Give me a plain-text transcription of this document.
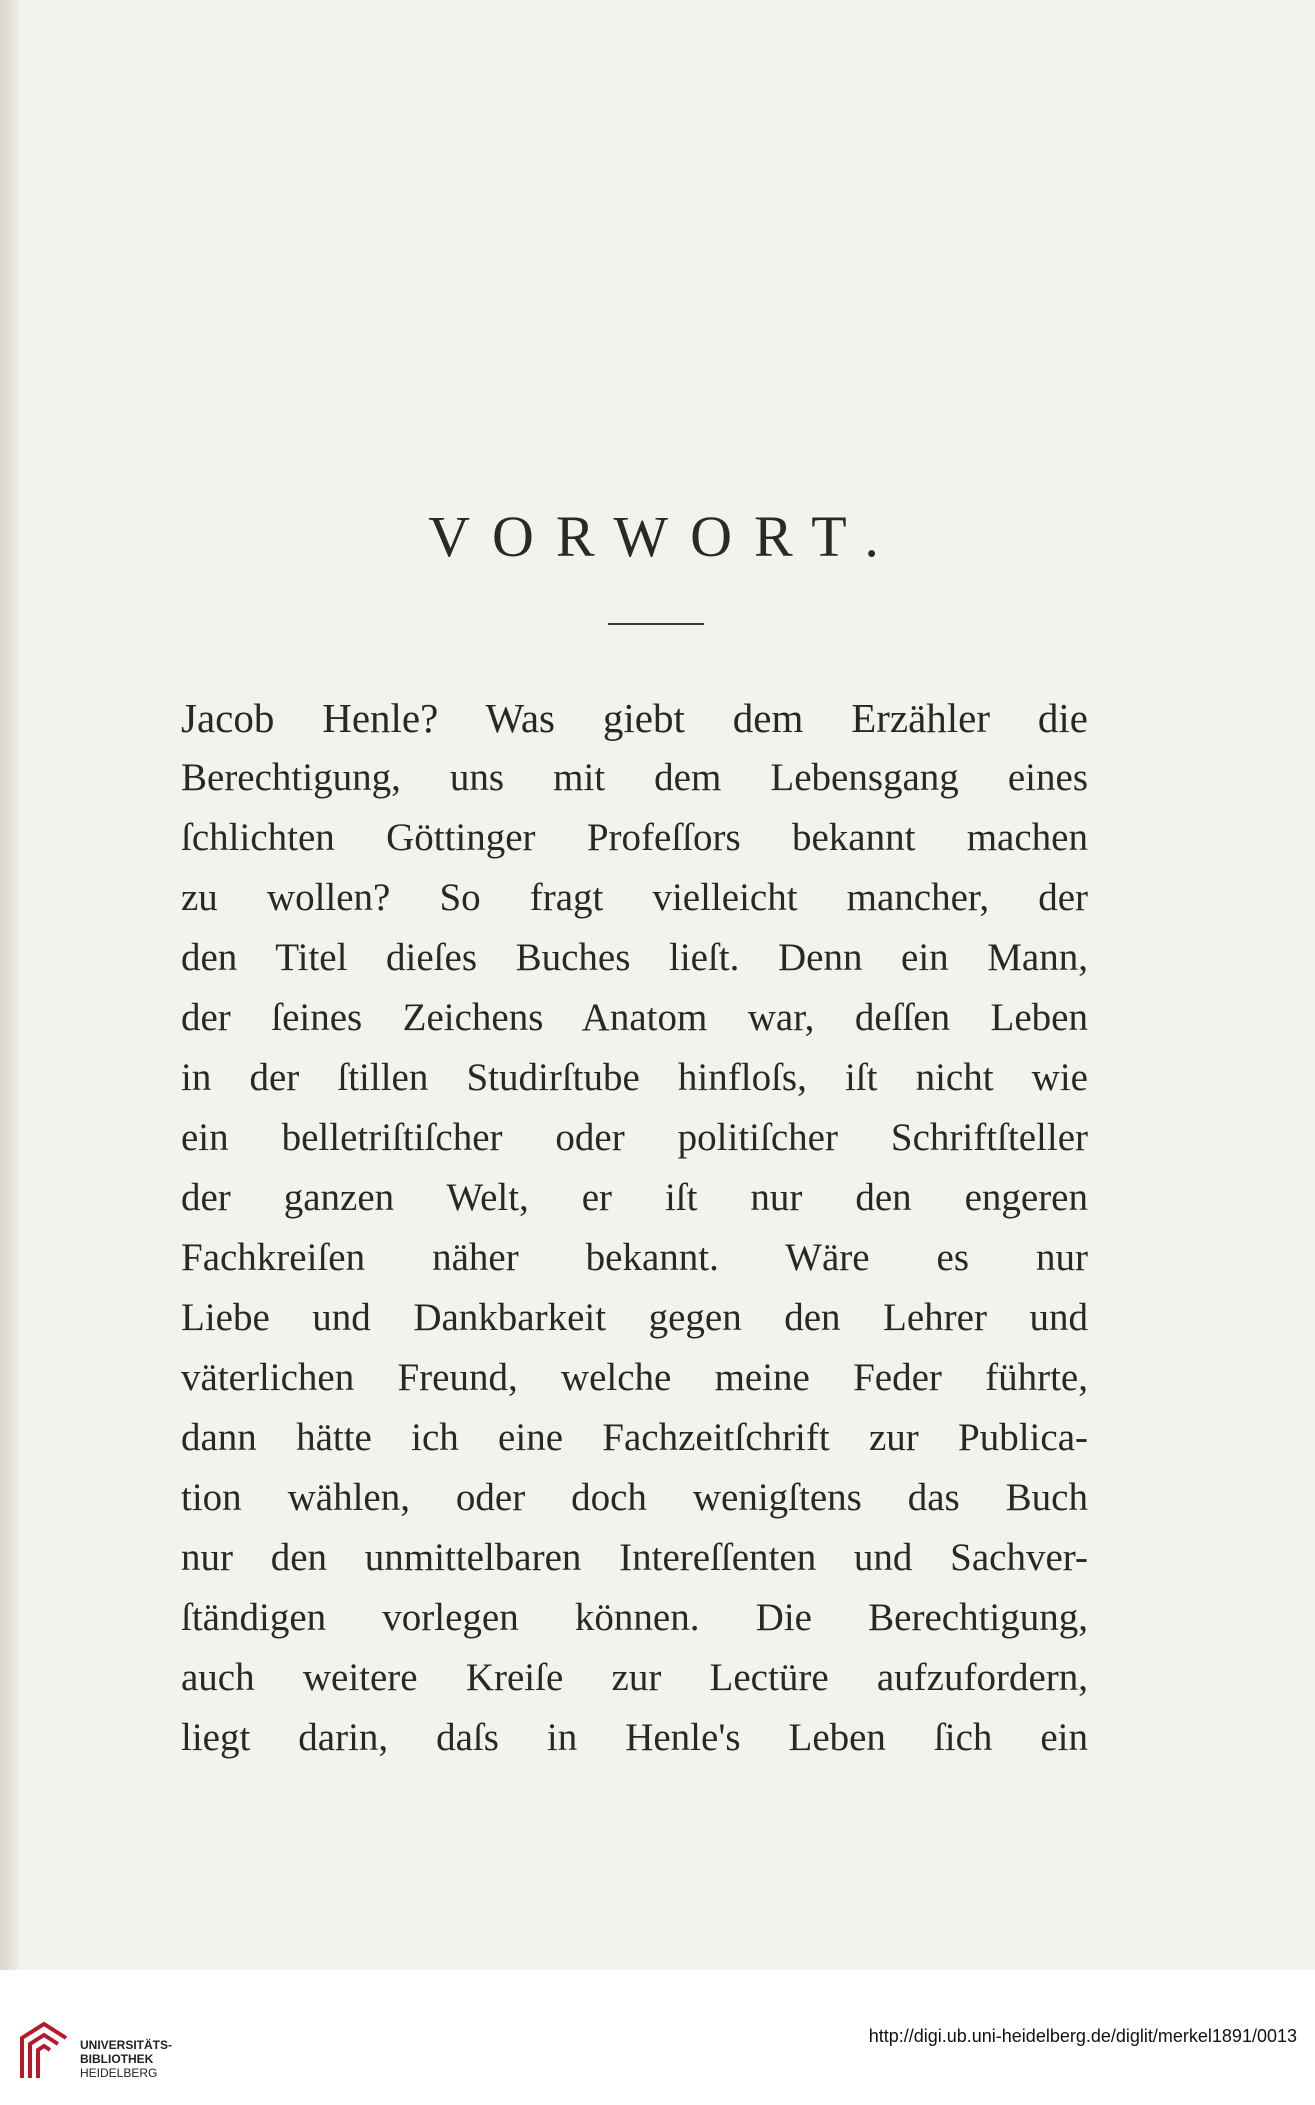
VORWORT.
Jacob Henle? Was giebt dem Erzähler die
Berechtigung, uns mit dem Lebensgang eines
ſchlichten Göttinger Profeſſors bekannt machen
zu wollen? So fragt vielleicht mancher, der
den Titel dieſes Buches lieſt. Denn ein Mann,
der ſeines Zeichens Anatom war, deſſen Leben
in der ſtillen Studirſtube hinfloſs, iſt nicht wie
ein belletriſtiſcher oder politiſcher Schriftſteller
der ganzen Welt, er iſt nur den engeren
Fachkreiſen näher bekannt. Wäre es nur
Liebe und Dankbarkeit gegen den Lehrer und
väterlichen Freund, welche meine Feder führte,
dann hätte ich eine Fachzeitſchrift zur Publica-
tion wählen, oder doch wenigſtens das Buch
nur den unmittelbaren Intereſſenten und Sachver-
ſtändigen vorlegen können. Die Berechtigung,
auch weitere Kreiſe zur Lectüre aufzufordern,
liegt darin, daſs in Henle's Leben ſich ein
UNIVERSITÄTS-
BIBLIOTHEK
HEIDELBERG
http://digi.ub.uni-heidelberg.de/diglit/merkel1891/0013
